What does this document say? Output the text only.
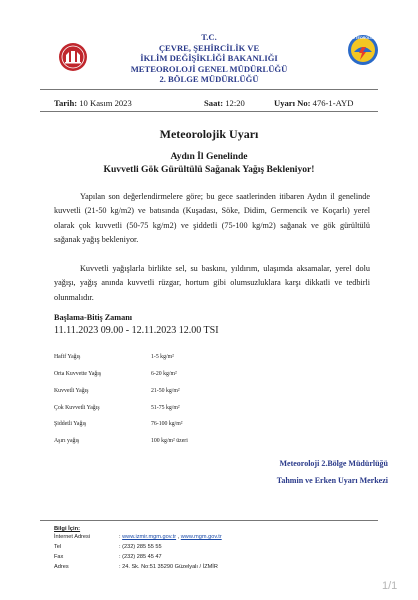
METEOROLOJİ
T.C.
ÇEVRE, ŞEHİRCİLİK VE
İKLİM DEĞİŞİKLİĞİ BAKANLIĞI
METEOROLOJİ GENEL MÜDÜRLÜĞÜ
2. BÖLGE MÜDÜRLÜĞÜ
Tarih: 10 Kasım 2023	Saat: 12:20	Uyarı No: 476-1-AYD
Meteorolojik Uyarı
Aydın İl Genelinde
Kuvvetli Gök Gürültülü Sağanak Yağış Bekleniyor!
Yapılan son değerlendirmelere göre; bu gece saatlerinden itibaren Aydın il genelinde
kuvvetli (21-50 kg/m2) ve batısında (Kuşadası, Söke, Didim, Germencik ve Koçarlı) yerel
olarak çok kuvvetli (50-75 kg/m2) ve şiddetli (75-100 kg/m2) sağanak ve gök gürültülü
sağanak yağış bekleniyor.
Kuvvetli yağışlarla birlikte sel, su baskını, yıldırım, ulaşımda aksamalar, yerel dolu
yağışı, yağış anında kuvvetli rüzgar, hortum gibi olumsuzluklara karşı dikkatli ve tedbirli
olunmalıdır.
Başlama-Bitiş Zamanı
11.11.2023 09.00 - 12.11.2023 12.00 TSI
Hafif Yağış	1-5 kg/m²
Orta Kuvvette Yağış	6-20 kg/m²
Kuvvetli Yağış	21-50 kg/m²
Çok Kuvvetli Yağış	51-75 kg/m²
Şiddetli Yağış	76-100 kg/m²
Aşırı yağış	100 kg/m² üzeri
Meteoroloji 2.Bölge Müdürlüğü
Tahmin ve Erken Uyarı Merkezi
Bilgi İçin:
İnternet Adresi	: www.izmir.mgm.gov.tr , www.mgm.gov.tr
Tel	: (232) 285 55 55
Fax	: (232) 285 45 47
Adres	: 24. Sk. No:51 35290 Güzelyalı / İZMİR
1/1
